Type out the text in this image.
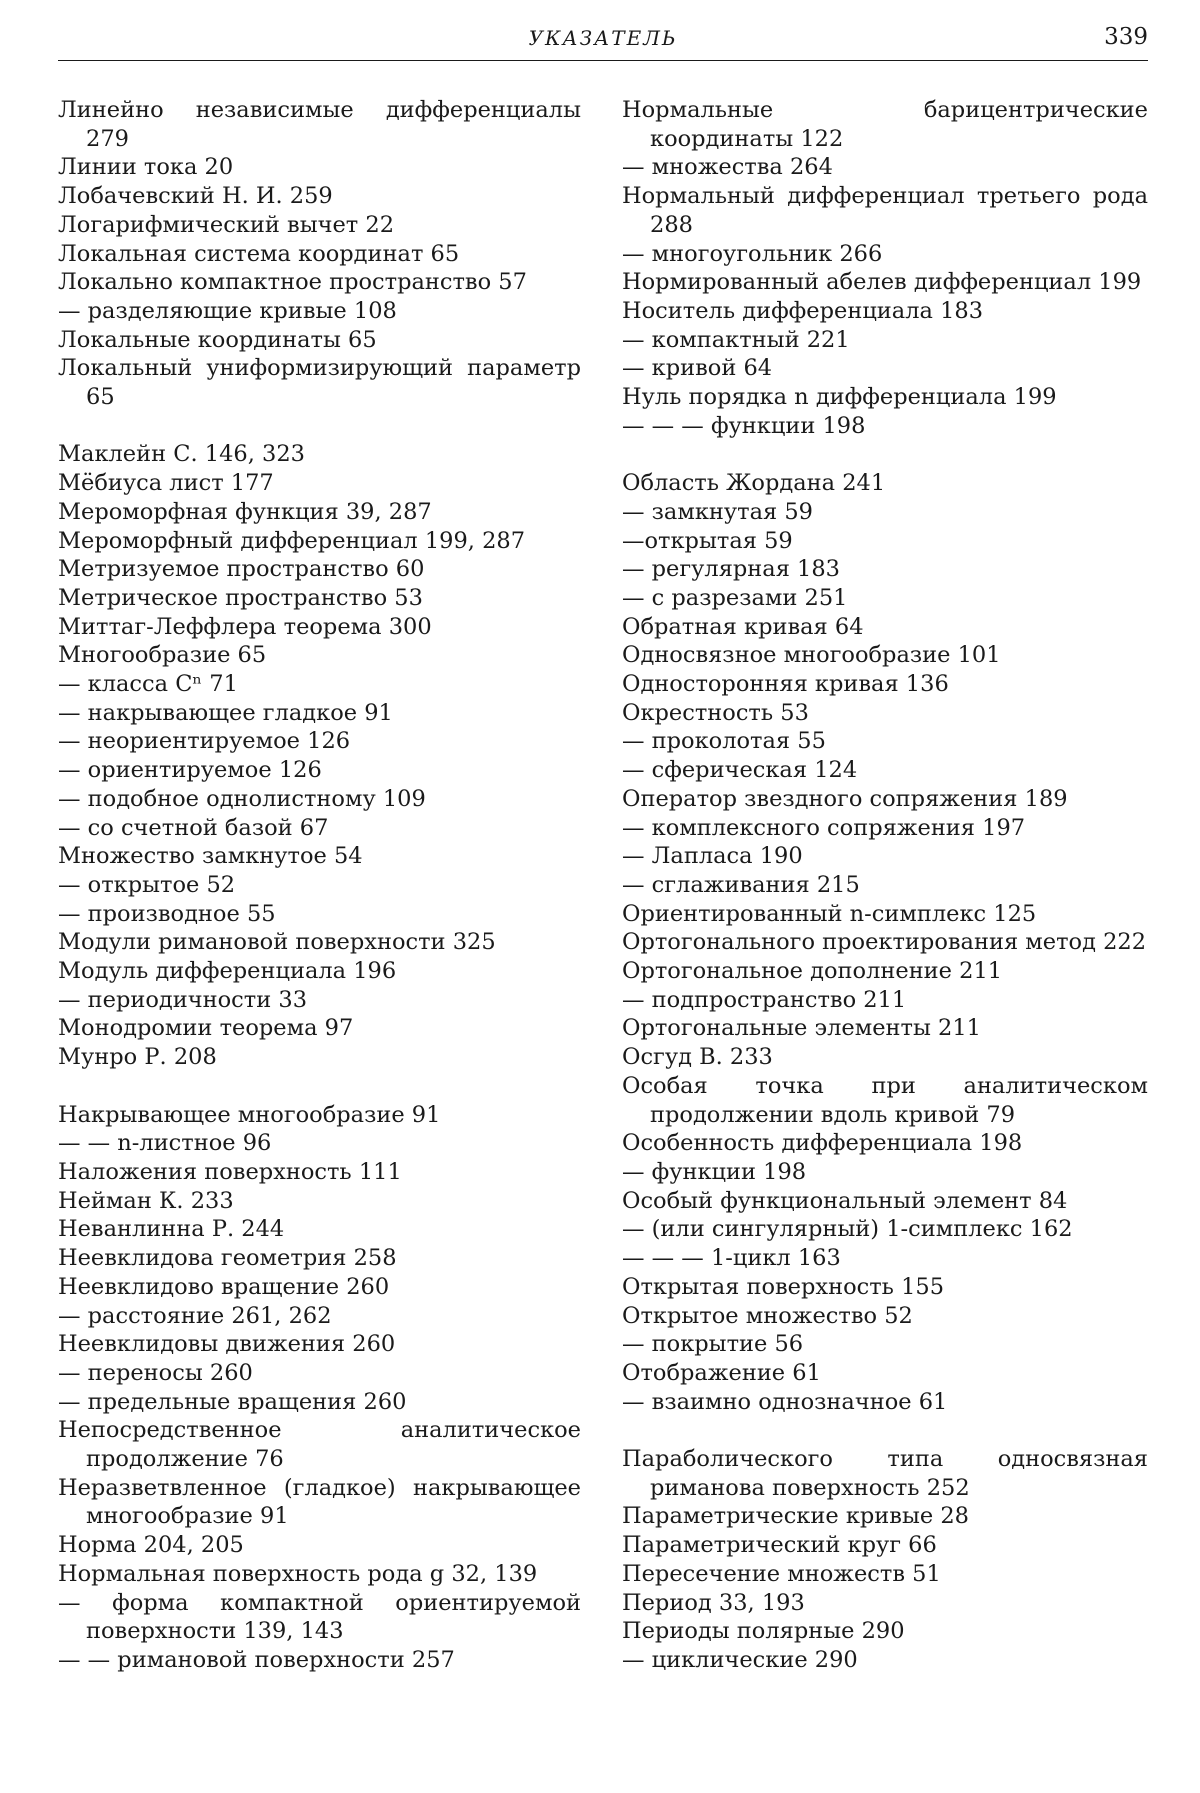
УКАЗАТЕЛЬ	339
Линейно независимые дифференциалы 279
Линии тока 20
Лобачевский Н. И. 259
Логарифмический вычет 22
Локальная система координат 65
Локально компактное пространство 57
— разделяющие кривые 108
Локальные координаты 65
Локальный униформизирующий параметр 65
Маклейн С. 146, 323
Мёбиуса лист 177
Мероморфная функция 39, 287
Мероморфный дифференциал 199, 287
Метризуемое пространство 60
Метрическое пространство 53
Миттаг-Леффлера теорема 300
Многообразие 65
— класса Cⁿ 71
— накрывающее гладкое 91
— неориентируемое 126
— ориентируемое 126
— подобное однолистному 109
— со счетной базой 67
Множество замкнутое 54
— открытое 52
— производное 55
Модули римановой поверхности 325
Модуль дифференциала 196
— периодичности 33
Монодромии теорема 97
Мунро Р. 208
Накрывающее многообразие 91
— — n-листное 96
Наложения поверхность 111
Нейман К. 233
Неванлинна Р. 244
Неевклидова геометрия 258
Неевклидово вращение 260
— расстояние 261, 262
Неевклидовы движения 260
— переносы 260
— предельные вращения 260
Непосредственное аналитическое продолжение 76
Неразветвленное (гладкое) накрывающее многообразие 91
Норма 204, 205
Нормальная поверхность рода g 32, 139
— форма компактной ориентируемой поверхности 139, 143
— — римановой поверхности 257
Нормальные барицентрические координаты 122
— множества 264
Нормальный дифференциал третьего рода 288
— многоугольник 266
Нормированный абелев дифференциал 199
Носитель дифференциала 183
— компактный 221
— кривой 64
Нуль порядка n дифференциала 199
— — — функции 198
Область Жордана 241
— замкнутая 59
—открытая 59
— регулярная 183
— с разрезами 251
Обратная кривая 64
Односвязное многообразие 101
Односторонняя кривая 136
Окрестность 53
— проколотая 55
— сферическая 124
Оператор звездного сопряжения 189
— комплексного сопряжения 197
— Лапласа 190
— сглаживания 215
Ориентированный n-симплекс 125
Ортогонального проектирования метод 222
Ортогональное дополнение 211
— подпространство 211
Ортогональные элементы 211
Осгуд В. 233
Особая точка при аналитическом продолжении вдоль кривой 79
Особенность дифференциала 198
— функции 198
Особый функциональный элемент 84
— (или сингулярный) 1-симплекс 162
— — — 1-цикл 163
Открытая поверхность 155
Открытое множество 52
— покрытие 56
Отображение 61
— взаимно однозначное 61
Параболического типа односвязная риманова поверхность 252
Параметрические кривые 28
Параметрический круг 66
Пересечение множеств 51
Период 33, 193
Периоды полярные 290
— циклические 290
